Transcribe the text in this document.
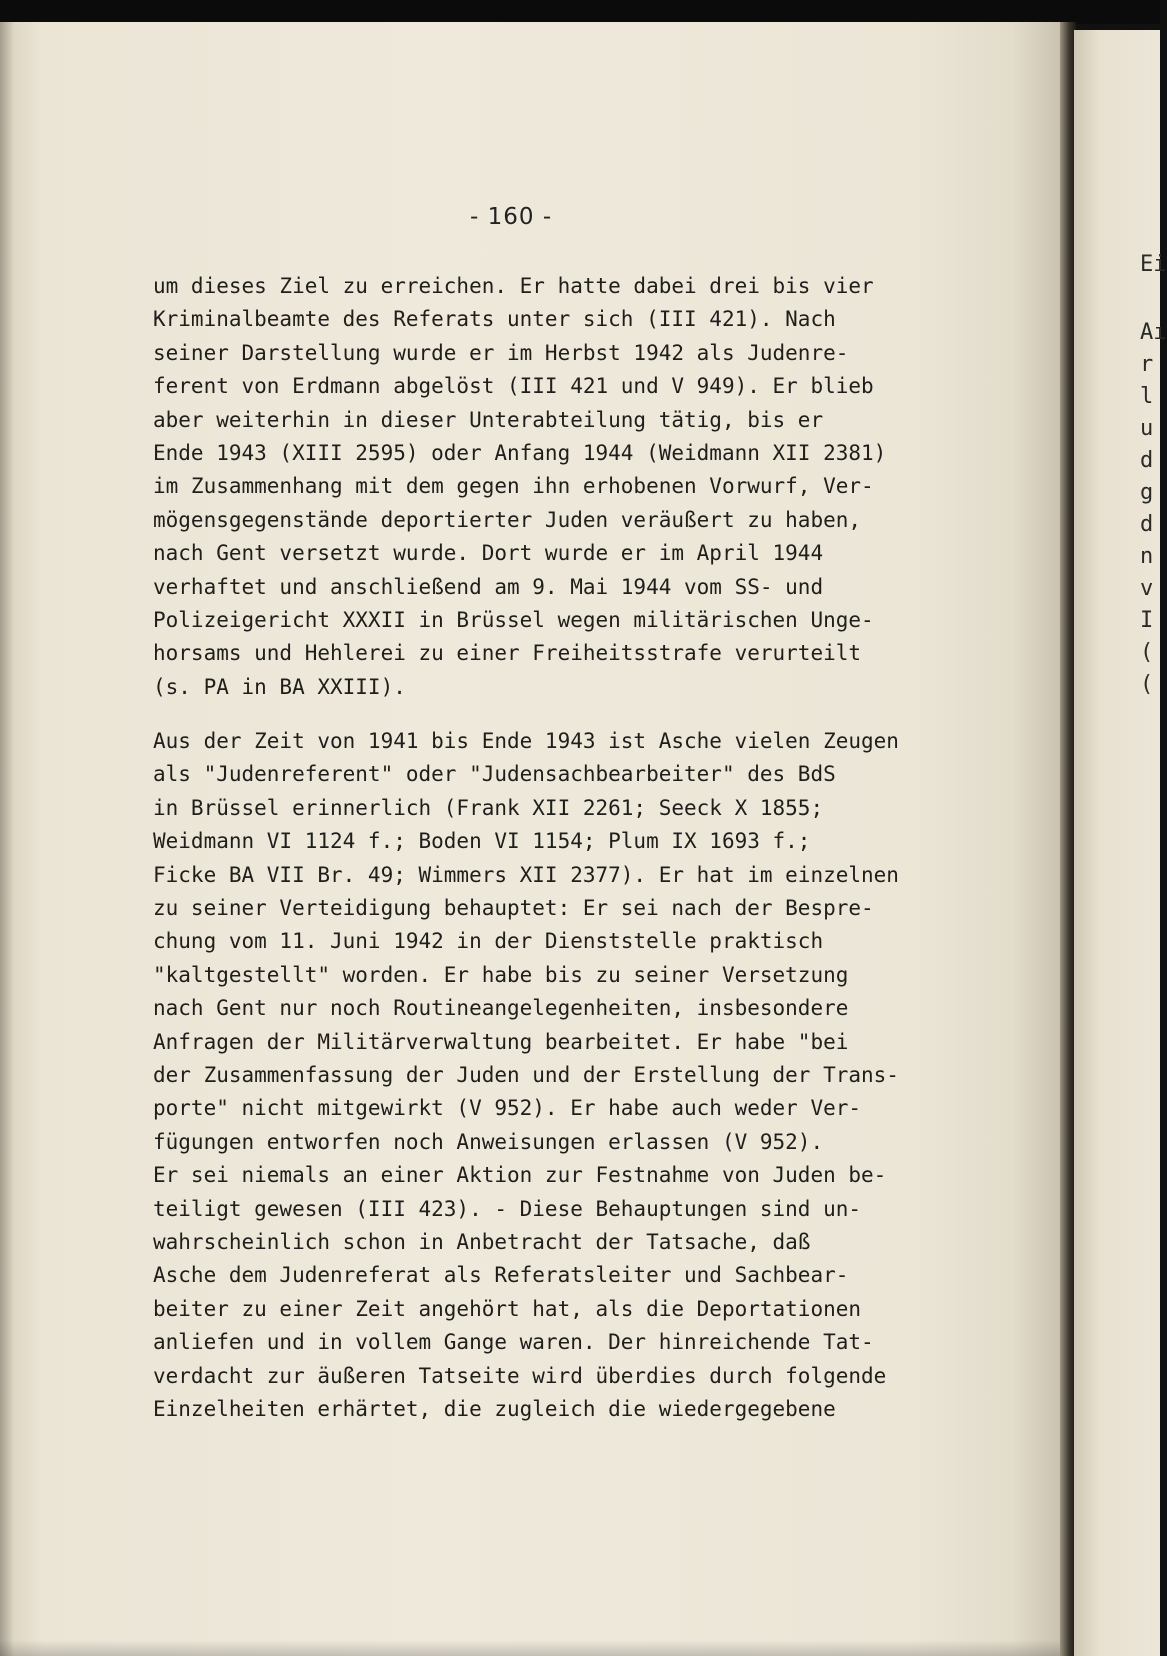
Ei
Aı
r
l
u
d
g
d
n
v
I
(
(
- 160 -
um dieses Ziel zu erreichen. Er hatte dabei drei bis vier
Kriminalbeamte des Referats unter sich (III 421). Nach
seiner Darstellung wurde er im Herbst 1942 als Judenre-
ferent von Erdmann abgelöst (III 421 und V 949). Er blieb
aber weiterhin in dieser Unterabteilung tätig, bis er
Ende 1943 (XIII 2595) oder Anfang 1944 (Weidmann XII 2381)
im Zusammenhang mit dem gegen ihn erhobenen Vorwurf, Ver-
mögensgegenstände deportierter Juden veräußert zu haben,
nach Gent versetzt wurde. Dort wurde er im April 1944
verhaftet und anschließend am 9. Mai 1944 vom SS- und
Polizeigericht XXXII in Brüssel wegen militärischen Unge-
horsams und Hehlerei zu einer Freiheitsstrafe verurteilt
(s. PA in BA XXIII).
Aus der Zeit von 1941 bis Ende 1943 ist Asche vielen Zeugen
als "Judenreferent" oder "Judensachbearbeiter" des BdS
in Brüssel erinnerlich (Frank XII 2261; Seeck X 1855;
Weidmann VI 1124 f.; Boden VI 1154; Plum IX 1693 f.;
Ficke BA VII Br. 49; Wimmers XII 2377). Er hat im einzelnen
zu seiner Verteidigung behauptet: Er sei nach der Bespre-
chung vom 11. Juni 1942 in der Dienststelle praktisch
"kaltgestellt" worden. Er habe bis zu seiner Versetzung
nach Gent nur noch Routineangelegenheiten, insbesondere
Anfragen der Militärverwaltung bearbeitet. Er habe "bei
der Zusammenfassung der Juden und der Erstellung der Trans-
porte" nicht mitgewirkt (V 952). Er habe auch weder Ver-
fügungen entworfen noch Anweisungen erlassen (V 952).
Er sei niemals an einer Aktion zur Festnahme von Juden be-
teiligt gewesen (III 423). - Diese Behauptungen sind un-
wahrscheinlich schon in Anbetracht der Tatsache, daß
Asche dem Judenreferat als Referatsleiter und Sachbear-
beiter zu einer Zeit angehört hat, als die Deportationen
anliefen und in vollem Gange waren. Der hinreichende Tat-
verdacht zur äußeren Tatseite wird überdies durch folgende
Einzelheiten erhärtet, die zugleich die wiedergegebene
